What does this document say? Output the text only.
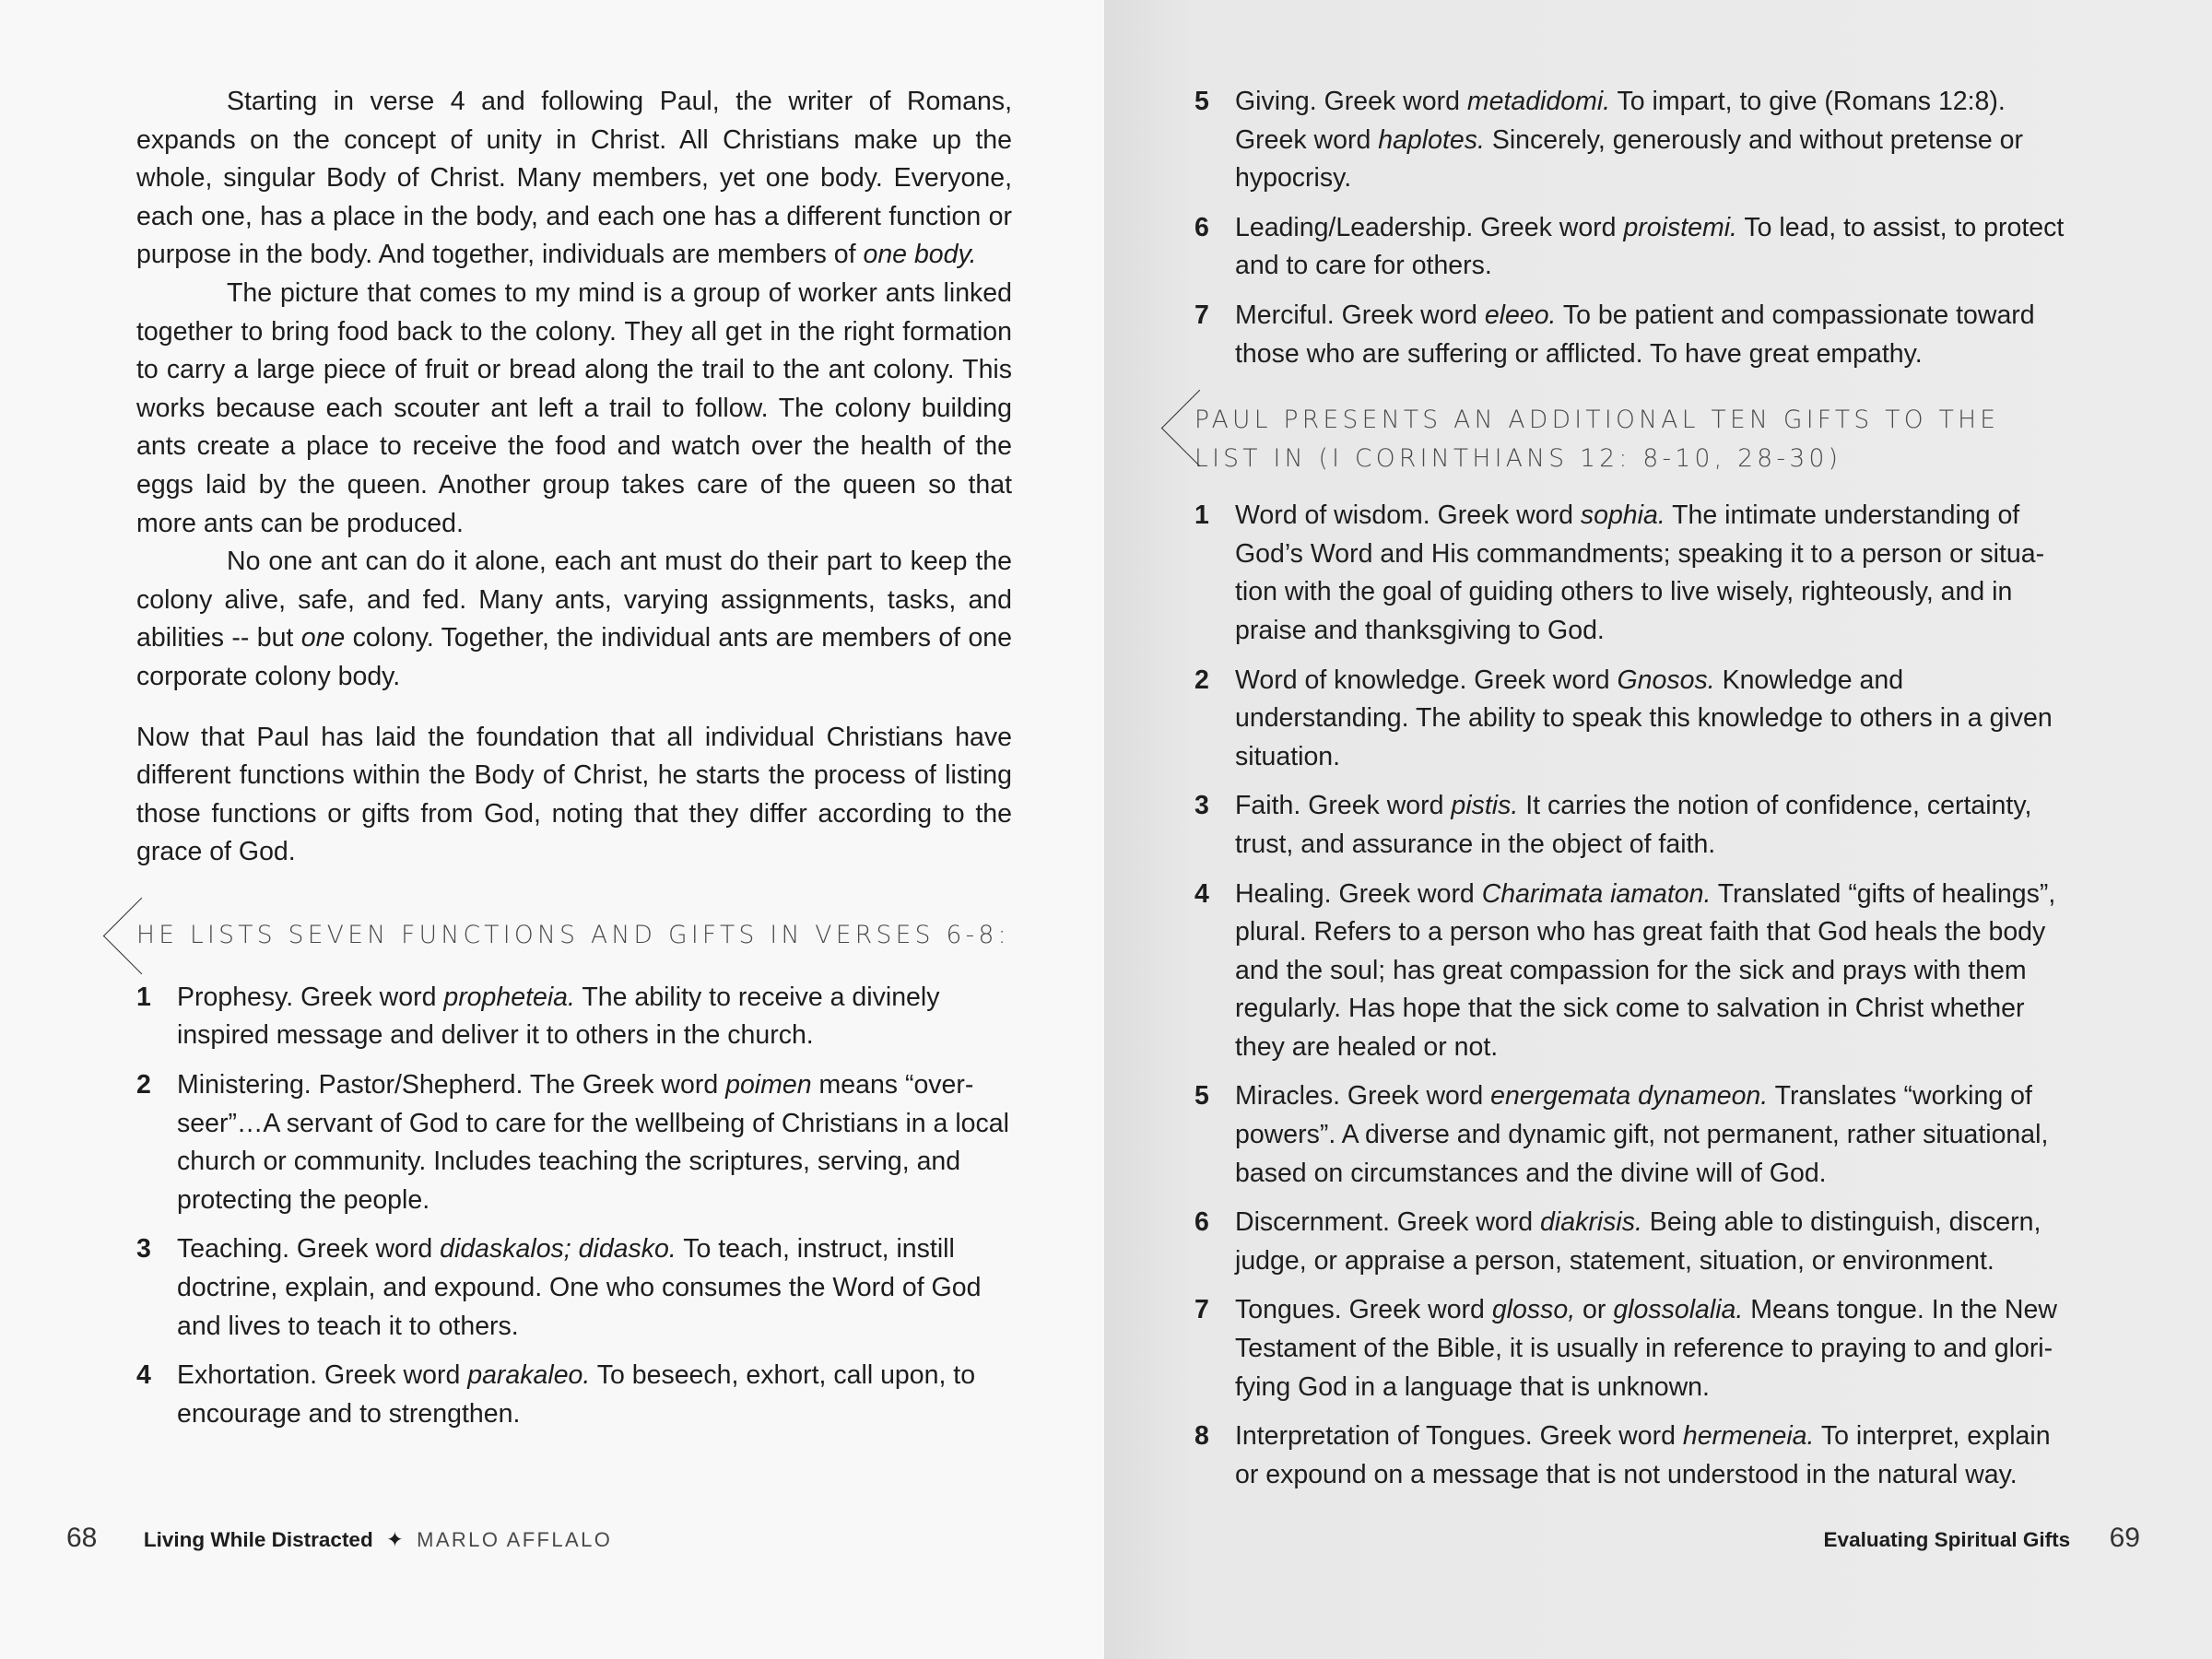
Starting in verse 4 and following Paul, the writer of Romans, expands on the concept of unity in Christ. All Christians make up the whole, singular Body of Christ. Many members, yet one body. Everyone, each one, has a place in the body, and each one has a different function or purpose in the body. And together, individuals are members of one body.

The picture that comes to my mind is a group of worker ants linked together to bring food back to the colony. They all get in the right formation to carry a large piece of fruit or bread along the trail to the ant colony. This works because each scouter ant left a trail to follow. The colony building ants create a place to receive the food and watch over the health of the eggs laid by the queen. Another group takes care of the queen so that more ants can be produced.

No one ant can do it alone, each ant must do their part to keep the colony alive, safe, and fed. Many ants, varying assignments, tasks, and abilities -- but one colony. Together, the individual ants are members of one corporate colony body.

Now that Paul has laid the foundation that all individual Christians have different functions within the Body of Christ, he starts the process of listing those functions or gifts from God, noting that they differ according to the grace of God.

HE LISTS SEVEN FUNCTIONS AND GIFTS IN VERSES 6-8:

1 Prophesy. Greek word propheteia. The ability to receive a divinely inspired message and deliver it to others in the church.
2 Ministering. Pastor/Shepherd. The Greek word poimen means “over-seer”…A servant of God to care for the wellbeing of Christians in a local church or community. Includes teaching the scriptures, serving, and protecting the people.
3 Teaching. Greek word didaskalos; didasko. To teach, instruct, instill doctrine, explain, and expound. One who consumes the Word of God and lives to teach it to others.
4 Exhortation. Greek word parakaleo. To beseech, exhort, call upon, to encourage and to strengthen.
68 Living While Distracted ✦ MARLO AFFLALO
5 Giving. Greek word metadidomi. To impart, to give (Romans 12:8). Greek word haplotes. Sincerely, generously and without pretense or hypocrisy.
6 Leading/Leadership. Greek word proistemi. To lead, to assist, to protect and to care for others.
7 Merciful. Greek word eleeo. To be patient and compassionate toward those who are suffering or afflicted. To have great empathy.

PAUL PRESENTS AN ADDITIONAL TEN GIFTS TO THE LIST IN (I CORINTHIANS 12: 8-10, 28-30)

1 Word of wisdom. Greek word sophia. The intimate understanding of God’s Word and His commandments; speaking it to a person or situa-tion with the goal of guiding others to live wisely, righteously, and in praise and thanksgiving to God.
2 Word of knowledge. Greek word Gnosos. Knowledge and understanding. The ability to speak this knowledge to others in a given situation.
3 Faith. Greek word pistis. It carries the notion of confidence, certainty, trust, and assurance in the object of faith.
4 Healing. Greek word Charimata iamaton. Translated “gifts of healings”, plural. Refers to a person who has great faith that God heals the body and the soul; has great compassion for the sick and prays with them regularly. Has hope that the sick come to salvation in Christ whether they are healed or not.
5 Miracles. Greek word energemata dynameon. Translates “working of powers”. A diverse and dynamic gift, not permanent, rather situational, based on circumstances and the divine will of God.
6 Discernment. Greek word diakrisis. Being able to distinguish, discern, judge, or appraise a person, statement, situation, or environment.
7 Tongues. Greek word glosso, or glossolalia. Means tongue. In the New Testament of the Bible, it is usually in reference to praying to and glori-fying God in a language that is unknown.
8 Interpretation of Tongues. Greek word hermeneia. To interpret, explain or expound on a message that is not understood in the natural way.
Evaluating Spiritual Gifts 69
